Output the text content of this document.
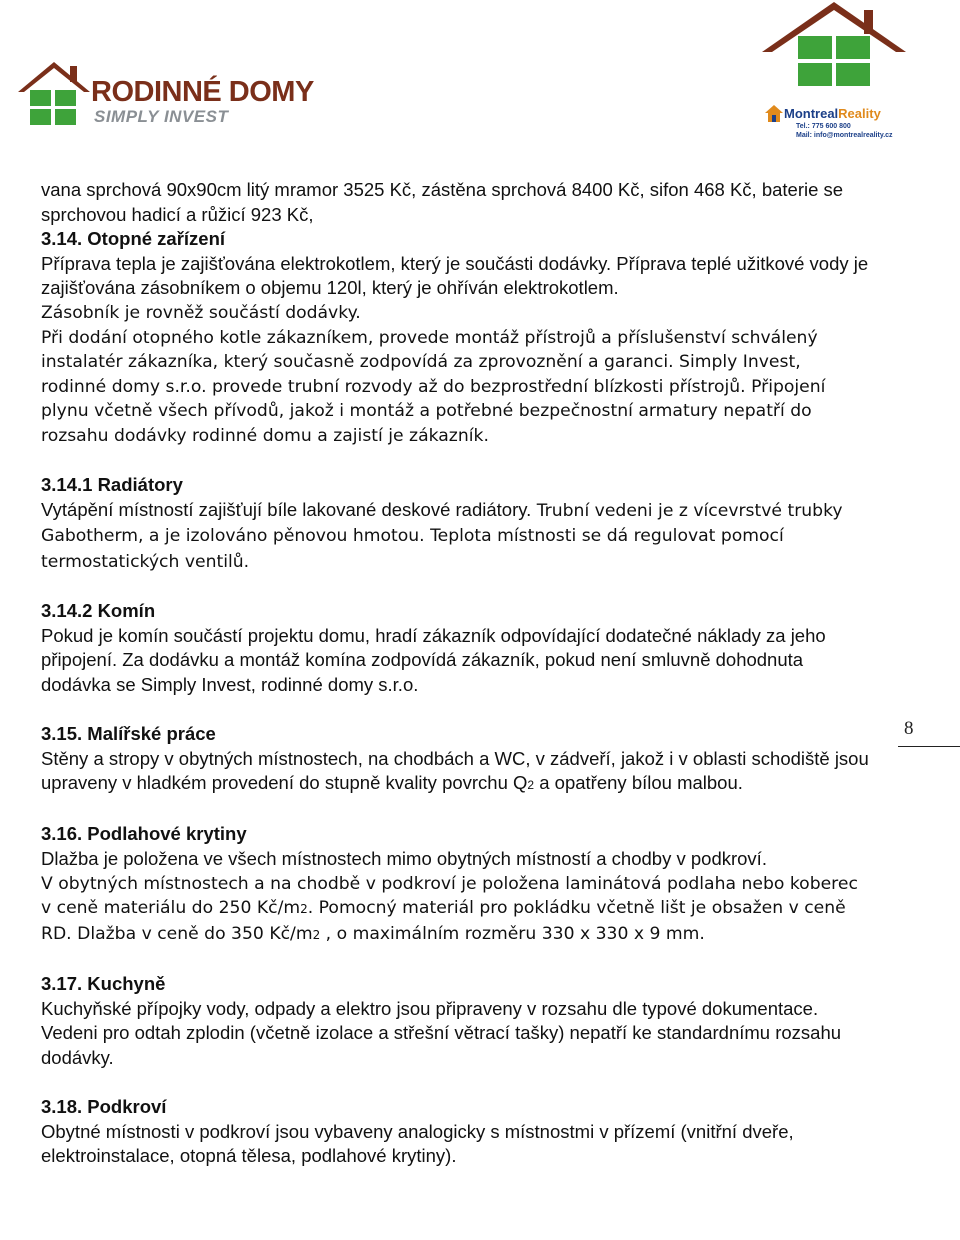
RODINNÉ DOMY
SIMPLY INVEST	MontrealReality
Tel.: 775 600 800
Mail: info@montrealreality.cz

vana sprchová 90x90cm litý mramor 3525 Kč, zástěna sprchová 8400 Kč, sifon 468 Kč, baterie se sprchovou hadicí a růžicí 923 Kč,

3.14. Otopné zařízení

Příprava tepla je zajišťována elektrokotlem, který je součásti dodávky. Příprava teplé užitkové vody je zajišťována zásobníkem o objemu 120l, který je ohříván elektrokotlem.

Zásobník je rovněž součástí dodávky.

Při dodání otopného kotle zákazníkem, provede montáž přístrojů a příslušenství schválený instalatér zákazníka, který současně zodpovídá za zprovoznění a garanci. Simply Invest, rodinné domy s.r.o. provede trubní rozvody až do bezprostřední blízkosti přístrojů. Připojení plynu včetně všech přívodů, jakož i montáž a potřebné bezpečnostní armatury nepatří do rozsahu dodávky rodinné domu a zajistí je zákazník.

3.14.1 Radiátory

Vytápění místností zajišťují bíle lakované deskové radiátory. Trubní vedeni je z vícevrstvé trubky Gabotherm, a je izolováno pěnovou hmotou. Teplota místnosti se dá regulovat pomocí termostatických ventilů.

3.14.2 Komín

Pokud je komín součástí projektu domu, hradí zákazník odpovídající dodatečné náklady za jeho připojení. Za dodávku a montáž komína zodpovídá zákazník, pokud není smluvně dohodnuta dodávka se Simply Invest, rodinné domy s.r.o.

3.15. Malířské práce

Stěny a stropy v obytných místnostech, na chodbách a WC, v zádveří, jakož i v oblasti schodiště jsou upraveny v hladkém provedení do stupně kvality povrchu Q2 a opatřeny bílou malbou.

3.16. Podlahové krytiny

Dlažba je položena ve všech místnostech mimo obytných místností a chodby v podkroví.

V obytných místnostech a na chodbě v podkroví je položena laminátová podlaha nebo koberec v ceně materiálu do 250 Kč/m2. Pomocný materiál pro pokládku včetně lišt je obsažen v ceně RD. Dlažba v ceně do 350 Kč/m2 , o maximálním rozměru 330 x 330 x 9 mm.

3.17. Kuchyně

Kuchyňské přípojky vody, odpady a elektro jsou připraveny v rozsahu dle typové dokumentace.

Vedeni pro odtah zplodin (včetně izolace a střešní větrací tašky) nepatří ke standardnímu rozsahu dodávky.

3.18. Podkroví

Obytné místnosti v podkroví jsou vybaveny analogicky s místnostmi v přízemí (vnitřní dveře, elektroinstalace, otopná tělesa, podlahové krytiny).

8
